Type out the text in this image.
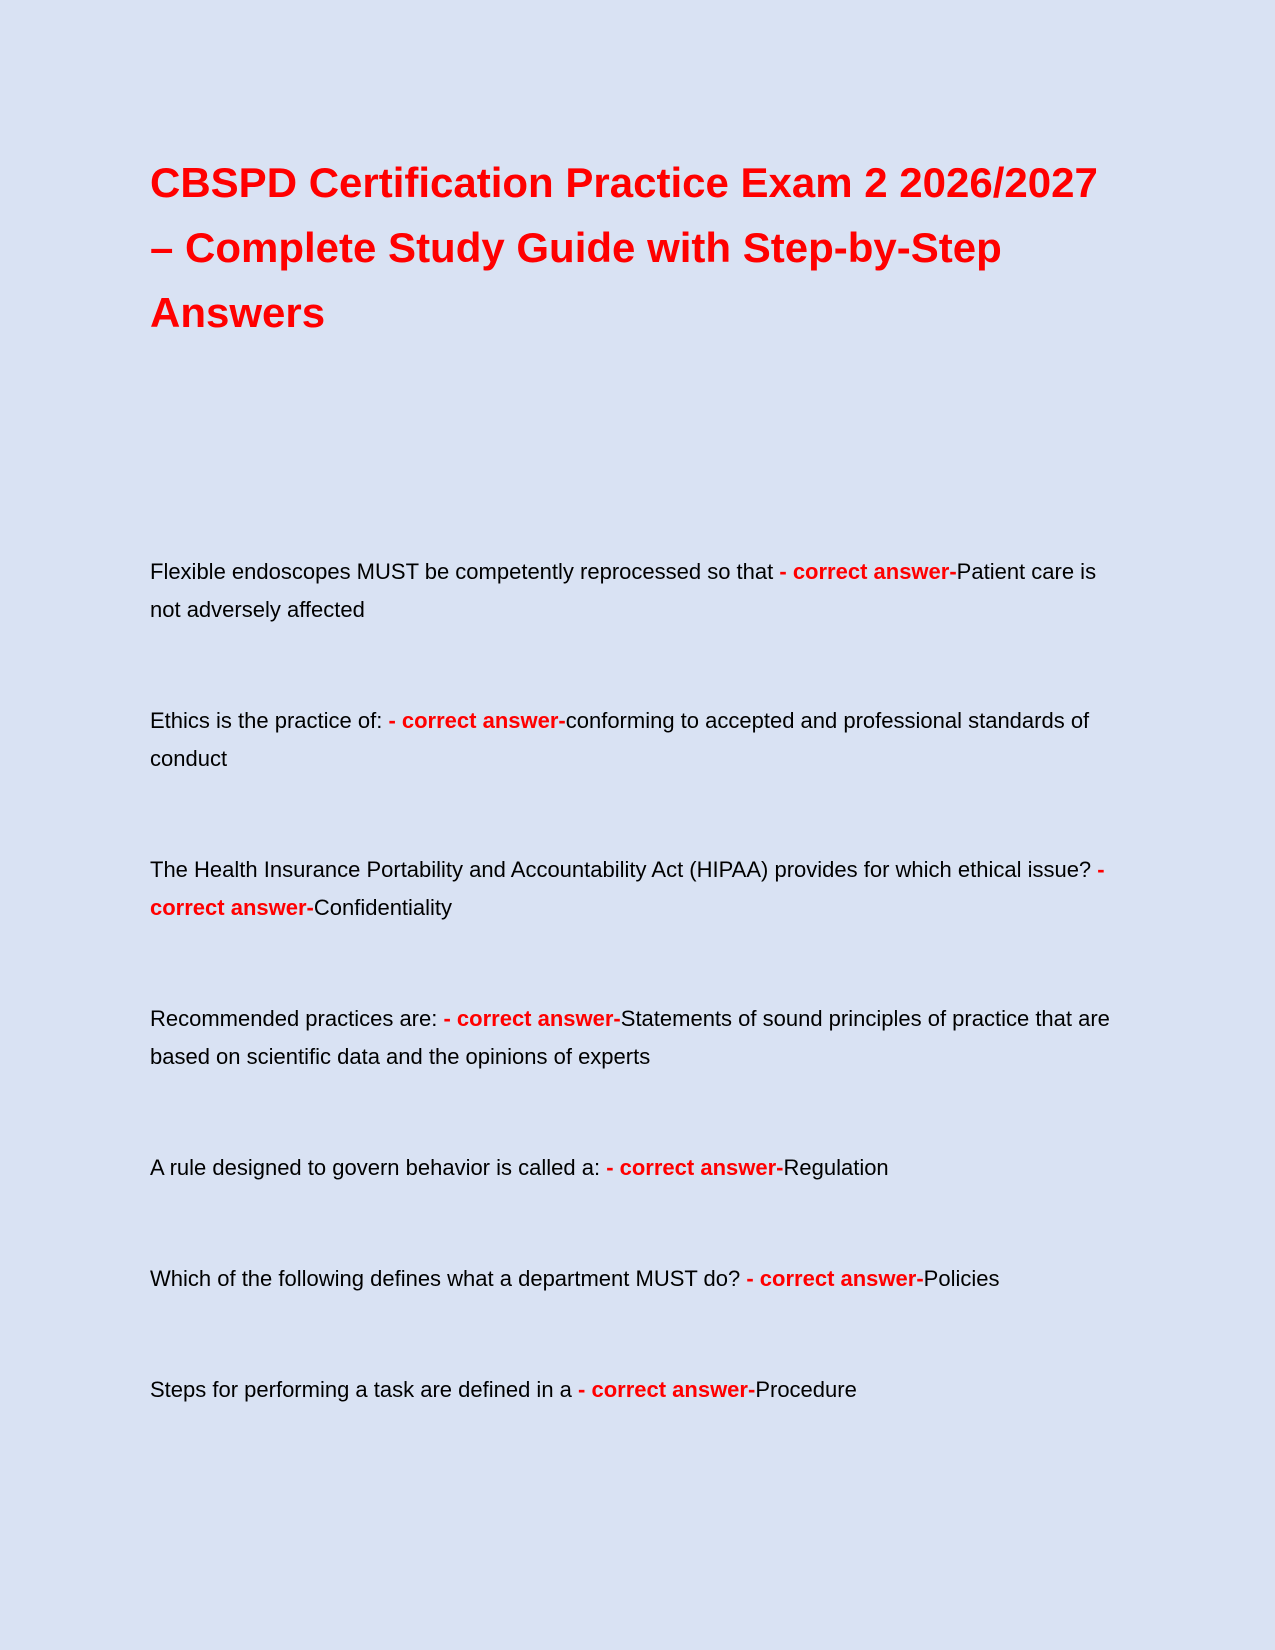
CBSPD Certification Practice Exam 2 2026/2027 – Complete Study Guide with Step-by-Step Answers
Flexible endoscopes MUST be competently reprocessed so that - correct answer-Patient care is not adversely affected
Ethics is the practice of: - correct answer-conforming to accepted and professional standards of conduct
The Health Insurance Portability and Accountability Act (HIPAA) provides for which ethical issue? - correct answer-Confidentiality
Recommended practices are: - correct answer-Statements of sound principles of practice that are based on scientific data and the opinions of experts
A rule designed to govern behavior is called a: - correct answer-Regulation
Which of the following defines what a department MUST do? - correct answer-Policies
Steps for performing a task are defined in a - correct answer-Procedure
